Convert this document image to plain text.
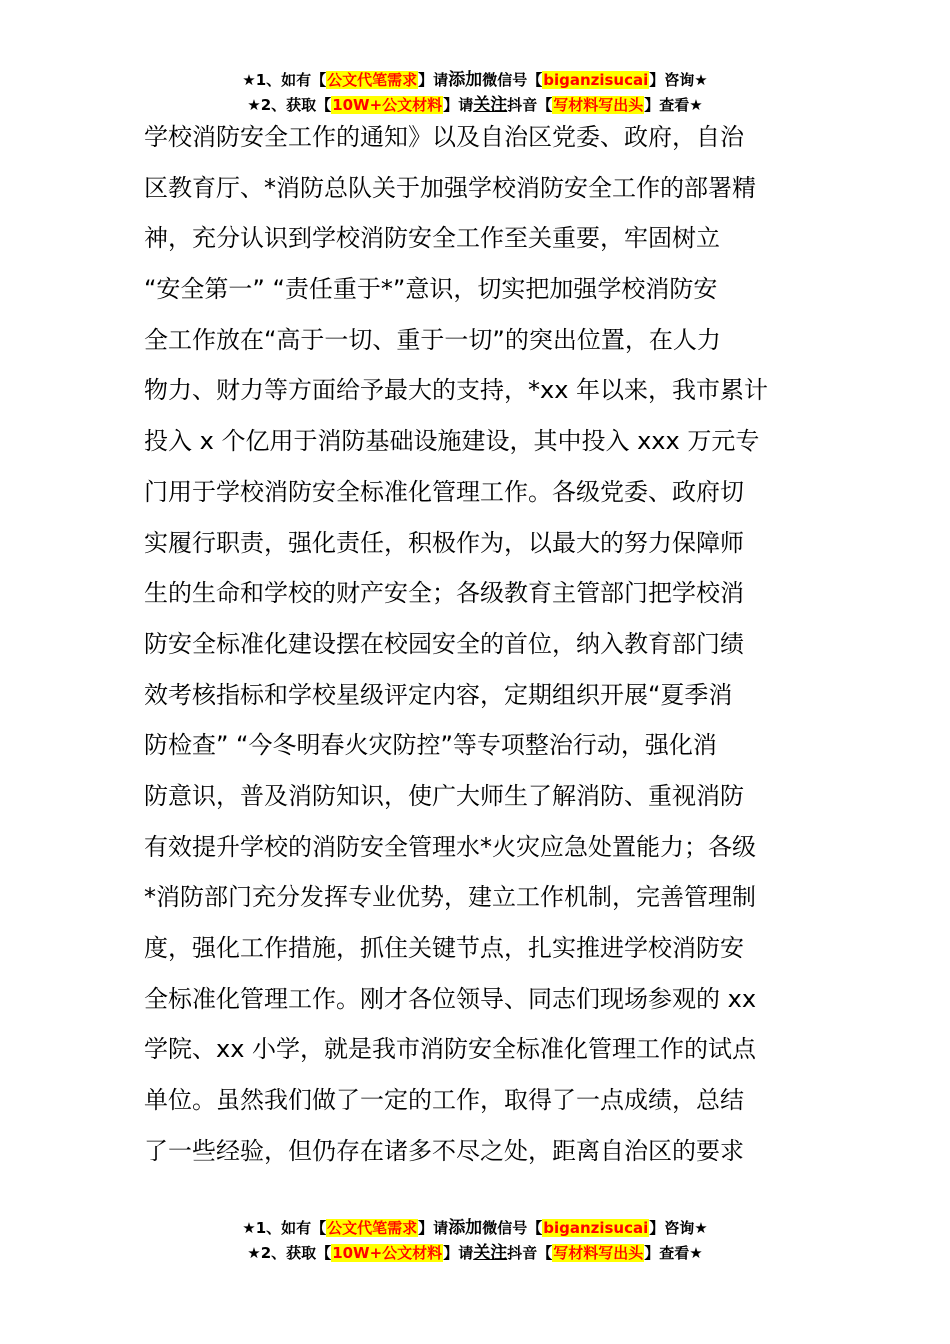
★1、如有【公文代笔需求】请添加微信号【biganzisucai】咨询★
★2、获取【10W+公文材料】请关注抖音【写材料写出头】查看★
学校消防安全工作的通知》以及自治区党委、政府，自治
区教育厅、*消防总队关于加强学校消防安全工作的部署精
神，充分认识到学校消防安全工作至关重要，牢固树立
“安全第一” “责任重于*”意识，切实把加强学校消防安
全工作放在“高于一切、重于一切”的突出位置，在人力
物力、财力等方面给予最大的支持，*xx 年以来，我市累计
投入 x 个亿用于消防基础设施建设，其中投入 xxx 万元专
门用于学校消防安全标准化管理工作。各级党委、政府切
实履行职责，强化责任，积极作为，以最大的努力保障师
生的生命和学校的财产安全；各级教育主管部门把学校消
防安全标准化建设摆在校园安全的首位，纳入教育部门绩
效考核指标和学校星级评定内容，定期组织开展“夏季消
防检查” “今冬明春火灾防控”等专项整治行动，强化消
防意识，普及消防知识，使广大师生了解消防、重视消防
有效提升学校的消防安全管理水*火灾应急处置能力；各级
*消防部门充分发挥专业优势，建立工作机制，完善管理制
度，强化工作措施，抓住关键节点，扎实推进学校消防安
全标准化管理工作。刚才各位领导、同志们现场参观的 xx
学院、xx 小学，就是我市消防安全标准化管理工作的试点
单位。虽然我们做了一定的工作，取得了一点成绩，总结
了一些经验，但仍存在诸多不尽之处，距离自治区的要求
★1、如有【公文代笔需求】请添加微信号【biganzisucai】咨询★
★2、获取【10W+公文材料】请关注抖音【写材料写出头】查看★
